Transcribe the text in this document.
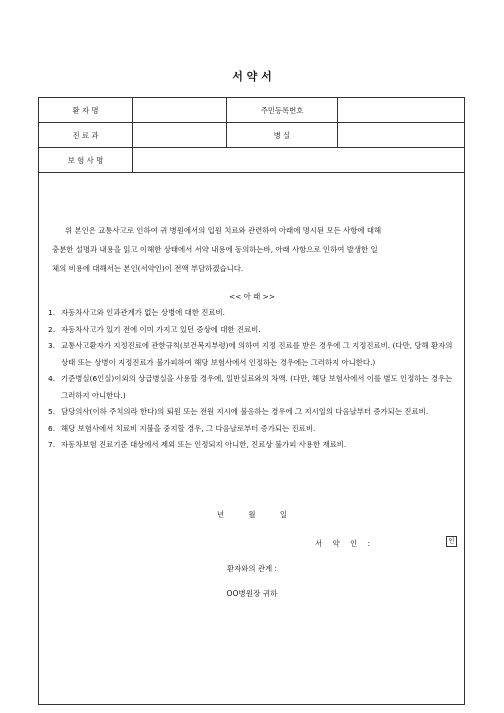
서 약 서
환 자 명		주민등록번호	
진 료 과		병 실	
보 험 사 명			
위 본인은 교통사고로 인하여 귀 병원에서의 입원 치료와 관련하여 아래에 명시된 모든 사항에 대해
충분한 설명과 내용을 읽고 이해한 상태에서 서약 내용에 동의하는바, 아래 사항으로 인하여 발생한 일
체의 비용에 대해서는 본인(서약인)이 전액 부담하겠습니다.
<< 아 래 >>
1. 자동차사고와 인과관계가 없는 상병에 대한 진료비.
2. 자동차사고가 있기 전에 이미 가지고 있던 증상에 대한 진료비.
3. 교통사고환자가 지정진료에 관한규칙(보건복지부령)에 의하여 지정 진료를 받은 경우에 그 지정진료비. (다만, 당해 환자의 상태 또는 상병이 지정진료가 불가피하여 해당 보험사에서 인정하는 경우에는 그러하지 아니한다.)
4. 기준병실(6인실)이외의 상급병실을 사용할 경우에, 일반실료와의 차액. (다만, 해당 보험사에서 이를 별도 인정하는 경우는 그러하지 아니한다.)
5. 담당의사(이하 주치의라 한다)의 퇴원 또는 전원 지시에 불응하는 경우에 그 지시일의 다음날부터 증가되는 진료비.
6. 해당 보험사에서 치료비 지불을 중지할 경우, 그 다음날로부터 증가되는 진료비.
7. 자동차보험 진료기준 대상에서 제외 또는 인정되지 아니한, 진료상 불가피 사용한 재료비.
년 월 일
서 약 인 :	인
환자와의 관계 :
OO병원장 귀하
